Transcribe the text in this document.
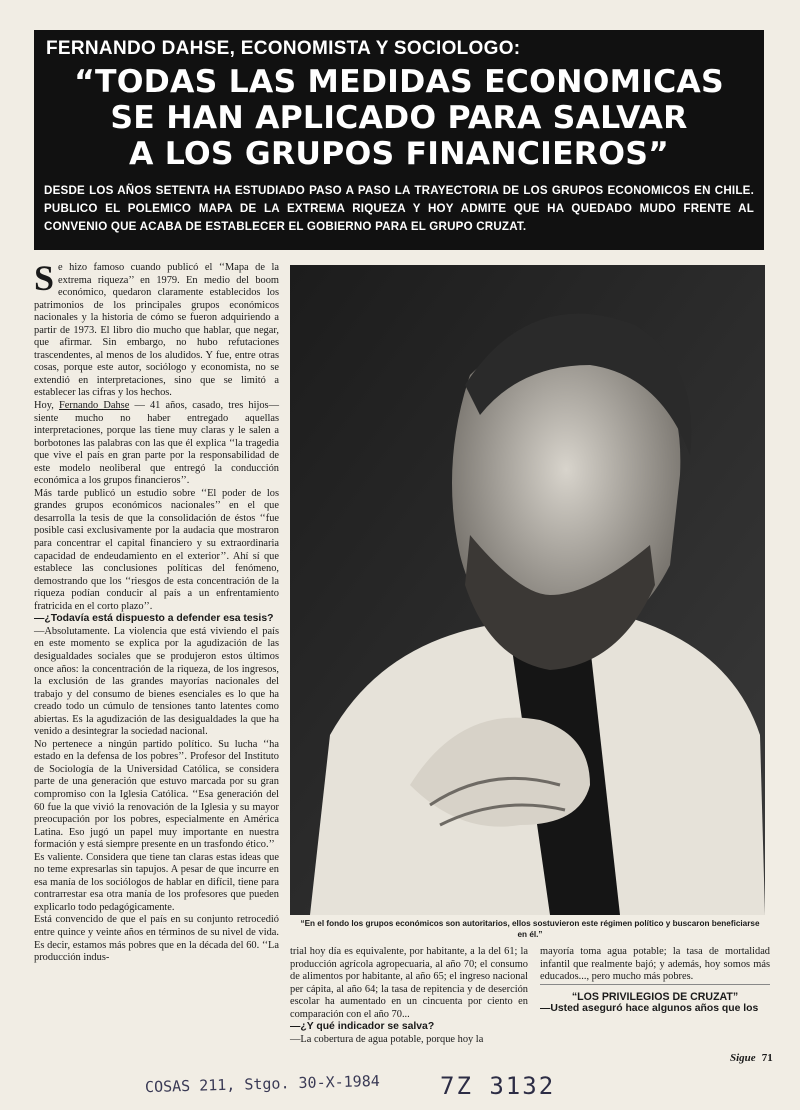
FERNANDO DAHSE, ECONOMISTA Y SOCIOLOGO:

“TODAS LAS MEDIDAS ECONOMICAS

SE HAN APLICADO PARA SALVAR

A LOS GRUPOS FINANCIEROS”

DESDE LOS AÑOS SETENTA HA ESTUDIADO PASO A PASO LA TRAYECTORIA DE LOS GRUPOS ECONOMICOS EN CHILE. PUBLICO EL POLEMICO MAPA DE LA EXTREMA RIQUEZA Y HOY ADMITE QUE HA QUEDADO MUDO FRENTE AL CONVENIO QUE ACABA DE ESTABLECER EL GOBIERNO PARA EL GRUPO CRUZAT.

Se hizo famoso cuando publicó el ‘‘Mapa de la extrema riqueza’’ en 1979. En medio del boom económico, quedaron claramente establecidos los patrimonios de los principales grupos económicos nacionales y la historia de cómo se fueron adquiriendo a partir de 1973. El libro dio mucho que hablar, que negar, que afirmar. Sin embargo, no hubo refutaciones trascendentes, al menos de los aludidos. Y fue, entre otras cosas, porque este autor, sociólogo y economista, no se extendió en interpretaciones, sino que se limitó a establecer las cifras y los hechos.

Hoy, Fernando Dahse — 41 años, casado, tres hijos— siente mucho no haber entregado aquellas interpretaciones, porque las tiene muy claras y le salen a borbotones las palabras con las que él explica ‘‘la tragedia que vive el país en gran parte por la responsabilidad de este modelo neoliberal que entregó la conducción económica a los grupos financieros’’.

Más tarde publicó un estudio sobre ‘‘El poder de los grandes grupos económicos nacionales’’ en el que desarrolla la tesis de que la consolidación de éstos ‘‘fue posible casi exclusivamente por la audacia que mostraron para concentrar el capital financiero y su extraordinaria capacidad de endeudamiento en el exterior’’. Ahí sí que establece las conclusiones políticas del fenómeno, demostrando que los ‘‘riesgos de esta concentración de la riqueza podían conducir al país a un enfrentamiento fratricida en el corto plazo’’.

—¿Todavía está dispuesto a defender esa tesis?

—Absolutamente. La violencia que está viviendo el país en este momento se explica por la agudización de las desigualdades sociales que se produjeron estos últimos once años: la concentración de la riqueza, de los ingresos, la exclusión de las grandes mayorías nacionales del trabajo y del consumo de bienes esenciales es lo que ha creado todo un cúmulo de tensiones tanto latentes como abiertas. Es la agudización de las desigualdades la que ha venido a desintegrar la sociedad nacional.

No pertenece a ningún partido político. Su lucha ‘‘ha estado en la defensa de los pobres’’. Profesor del Instituto de Sociología de la Universidad Católica, se considera parte de una generación que estuvo marcada por su gran compromiso con la Iglesia Católica. ‘‘Esa generación del 60 fue la que vivió la renovación de la Iglesia y su mayor preocupación por los pobres, especialmente en América Latina. Eso jugó un papel muy importante en nuestra formación y está siempre presente en un trasfondo ético.’’

Es valiente. Considera que tiene tan claras estas ideas que no teme expresarlas sin tapujos. A pesar de que incurre en esa manía de los sociólogos de hablar en difícil, tiene para contrarrestar esa otra manía de los profesores que pueden explicarlo todo pedagógicamente.

Está convencido de que el país en su conjunto retrocedió entre quince y veinte años en términos de su nivel de vida. Es decir, estamos más pobres que en la década del 60. ‘‘La producción indus-

“En el fondo los grupos económicos son autoritarios, ellos sostuvieron este régimen político y buscaron beneficiarse en él.”

trial hoy día es equivalente, por habitante, a la del 61; la producción agrícola agropecuaria, al año 70; el consumo de alimentos por habitante, al año 65; el ingreso nacional per cápita, al año 64; la tasa de repitencia y de deserción escolar ha aumentado en un cincuenta por ciento en comparación con el año 70...

—¿Y qué indicador se salva?

—La cobertura de agua potable, porque hoy la

mayoría toma agua potable; la tasa de mortalidad infantil que realmente bajó; y además, hoy somos más educados..., pero mucho más pobres.

“LOS PRIVILEGIOS DE CRUZAT”

—Usted aseguró hace algunos años que los

Sigue 71
COSAS 211, Stgo. 30-X-1984 7Z 3132
